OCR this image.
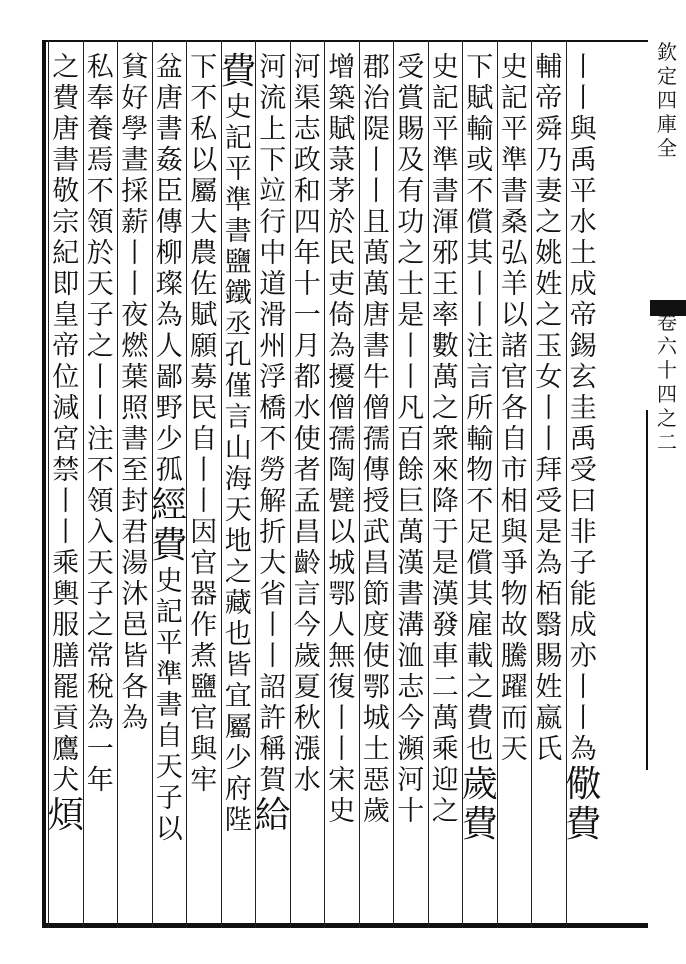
欽
定
四
庫
全
卷
六
十
四
之
二
丨
丨
與
禹
平
水
土
成
帝
錫
玄
圭
禹
受
曰
非
子
能
成
亦
丨
丨
為
儆
費
輔
帝
舜
乃
妻
之
姚
姓
之
玉
女
丨
丨
拜
受
是
為
栢
翳
賜
姓
嬴
氏
史
記
平
準
書
桑
弘
羊
以
諸
官
各
自
市
相
與
爭
物
故
騰
躍
而
天
下
賦
輸
或
不
償
其
丨
丨
注
言
所
輸
物
不
足
償
其
雇
載
之
費
也
歲
費
史
記
平
準
書
渾
邪
王
率
數
萬
之
衆
來
降
于
是
漢
發
車
二
萬
乘
迎
之
受
賞
賜
及
有
功
之
士
是
丨
丨
凡
百
餘
巨
萬
漢
書
溝
洫
志
今
瀕
河
十
郡
治
隄
丨
丨
且
萬
萬
唐
書
牛
僧
孺
傳
授
武
昌
節
度
使
鄂
城
土
惡
歲
增
築
賦
菉
茅
於
民
吏
倚
為
擾
僧
孺
陶
甓
以
城
鄂
人
無
復
丨
丨
宋
史
河
渠
志
政
和
四
年
十
一
月
都
水
使
者
孟
昌
齡
言
今
歲
夏
秋
漲
水
河
流
上
下
竝
行
中
道
滑
州
浮
橋
不
勞
解
折
大
省
丨
丨
詔
許
稱
賀
給
費
史
記
平
準
書
鹽
鐵
丞
孔
僅
言
山
海
天
地
之
藏
也
皆
宜
屬
少
府
陛
下
不
私
以
屬
大
農
佐
賦
願
募
民
自
丨
丨
因
官
器
作
煮
鹽
官
與
牢
盆
唐
書
姦
臣
傳
柳
璨
為
人
鄙
野
少
孤
經
費
史
記
平
準
書
自
天
子
以
貧
好
學
晝
採
薪
丨
丨
夜
燃
葉
照
書
至
封
君
湯
沐
邑
皆
各
為
私
奉
養
焉
不
領
於
天
子
之
丨
丨
注
不
領
入
天
子
之
常
稅
為
一
年
之
費
唐
書
敬
宗
紀
即
皇
帝
位
減
宮
禁
丨
丨
乘
輿
服
膳
罷
貢
鷹
犬
煩
